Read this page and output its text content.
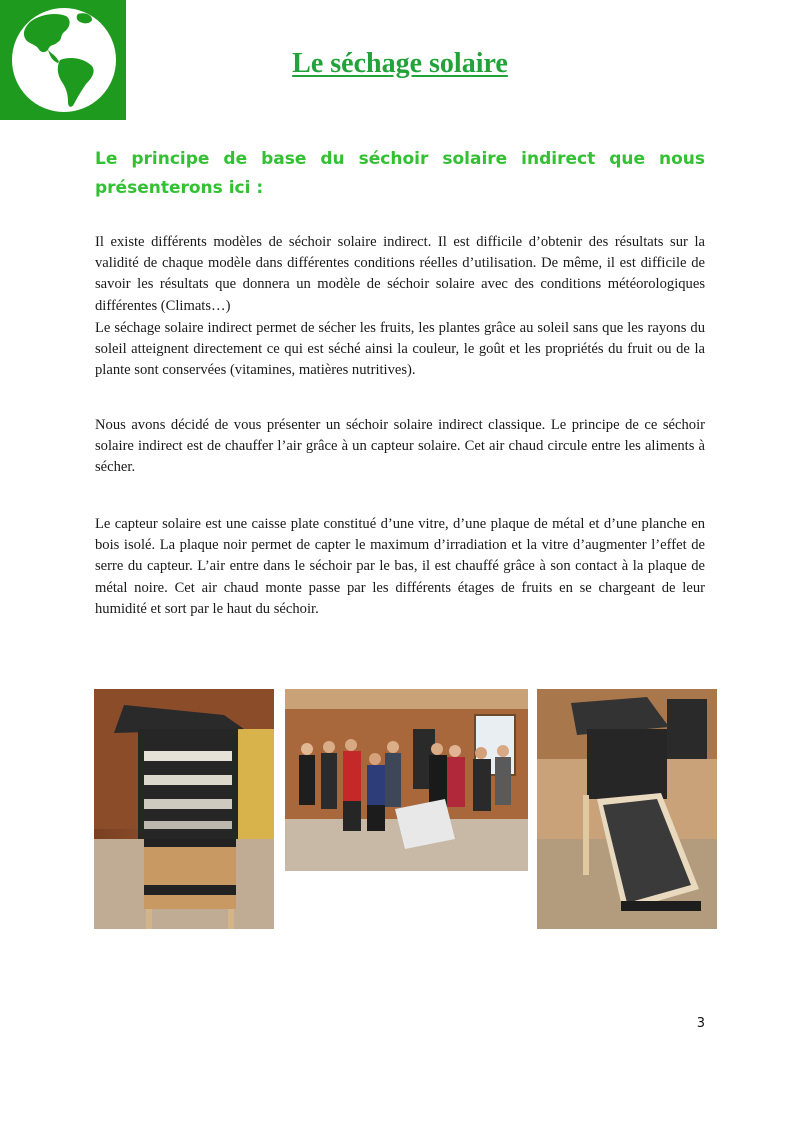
Le séchage solaire
Le principe de base du séchoir solaire indirect que nous présenterons ici :

Il existe différents modèles de séchoir solaire indirect. Il est difficile d’obtenir des résultats sur la validité de chaque modèle dans différentes conditions réelles d’utilisation. De même, il est difficile de savoir les résultats que donnera un modèle de séchoir solaire avec des conditions météorologiques différentes (Climats…)

Le séchage solaire indirect permet de sécher les fruits, les plantes grâce au soleil sans que les rayons du soleil atteignent directement ce qui est séché ainsi la couleur, le goût et les propriétés du fruit ou de la plante sont conservées (vitamines, matières nutritives).

Nous avons décidé de vous présenter un séchoir solaire indirect classique. Le principe de ce séchoir solaire indirect est de chauffer l’air grâce à un capteur solaire. Cet air chaud circule entre les aliments à sécher.

Le capteur solaire est une caisse plate constitué d’une vitre, d’une plaque de métal et d’une planche en bois isolé. La plaque noir permet de capter le maximum d’irradiation et la vitre d’augmenter l’effet de serre du capteur. L’air entre dans le séchoir par le bas, il est chauffé grâce à son contact à la plaque de métal noire. Cet air chaud monte passe par les différents étages de fruits en se chargeant de leur humidité et sort par le haut du séchoir.

3
